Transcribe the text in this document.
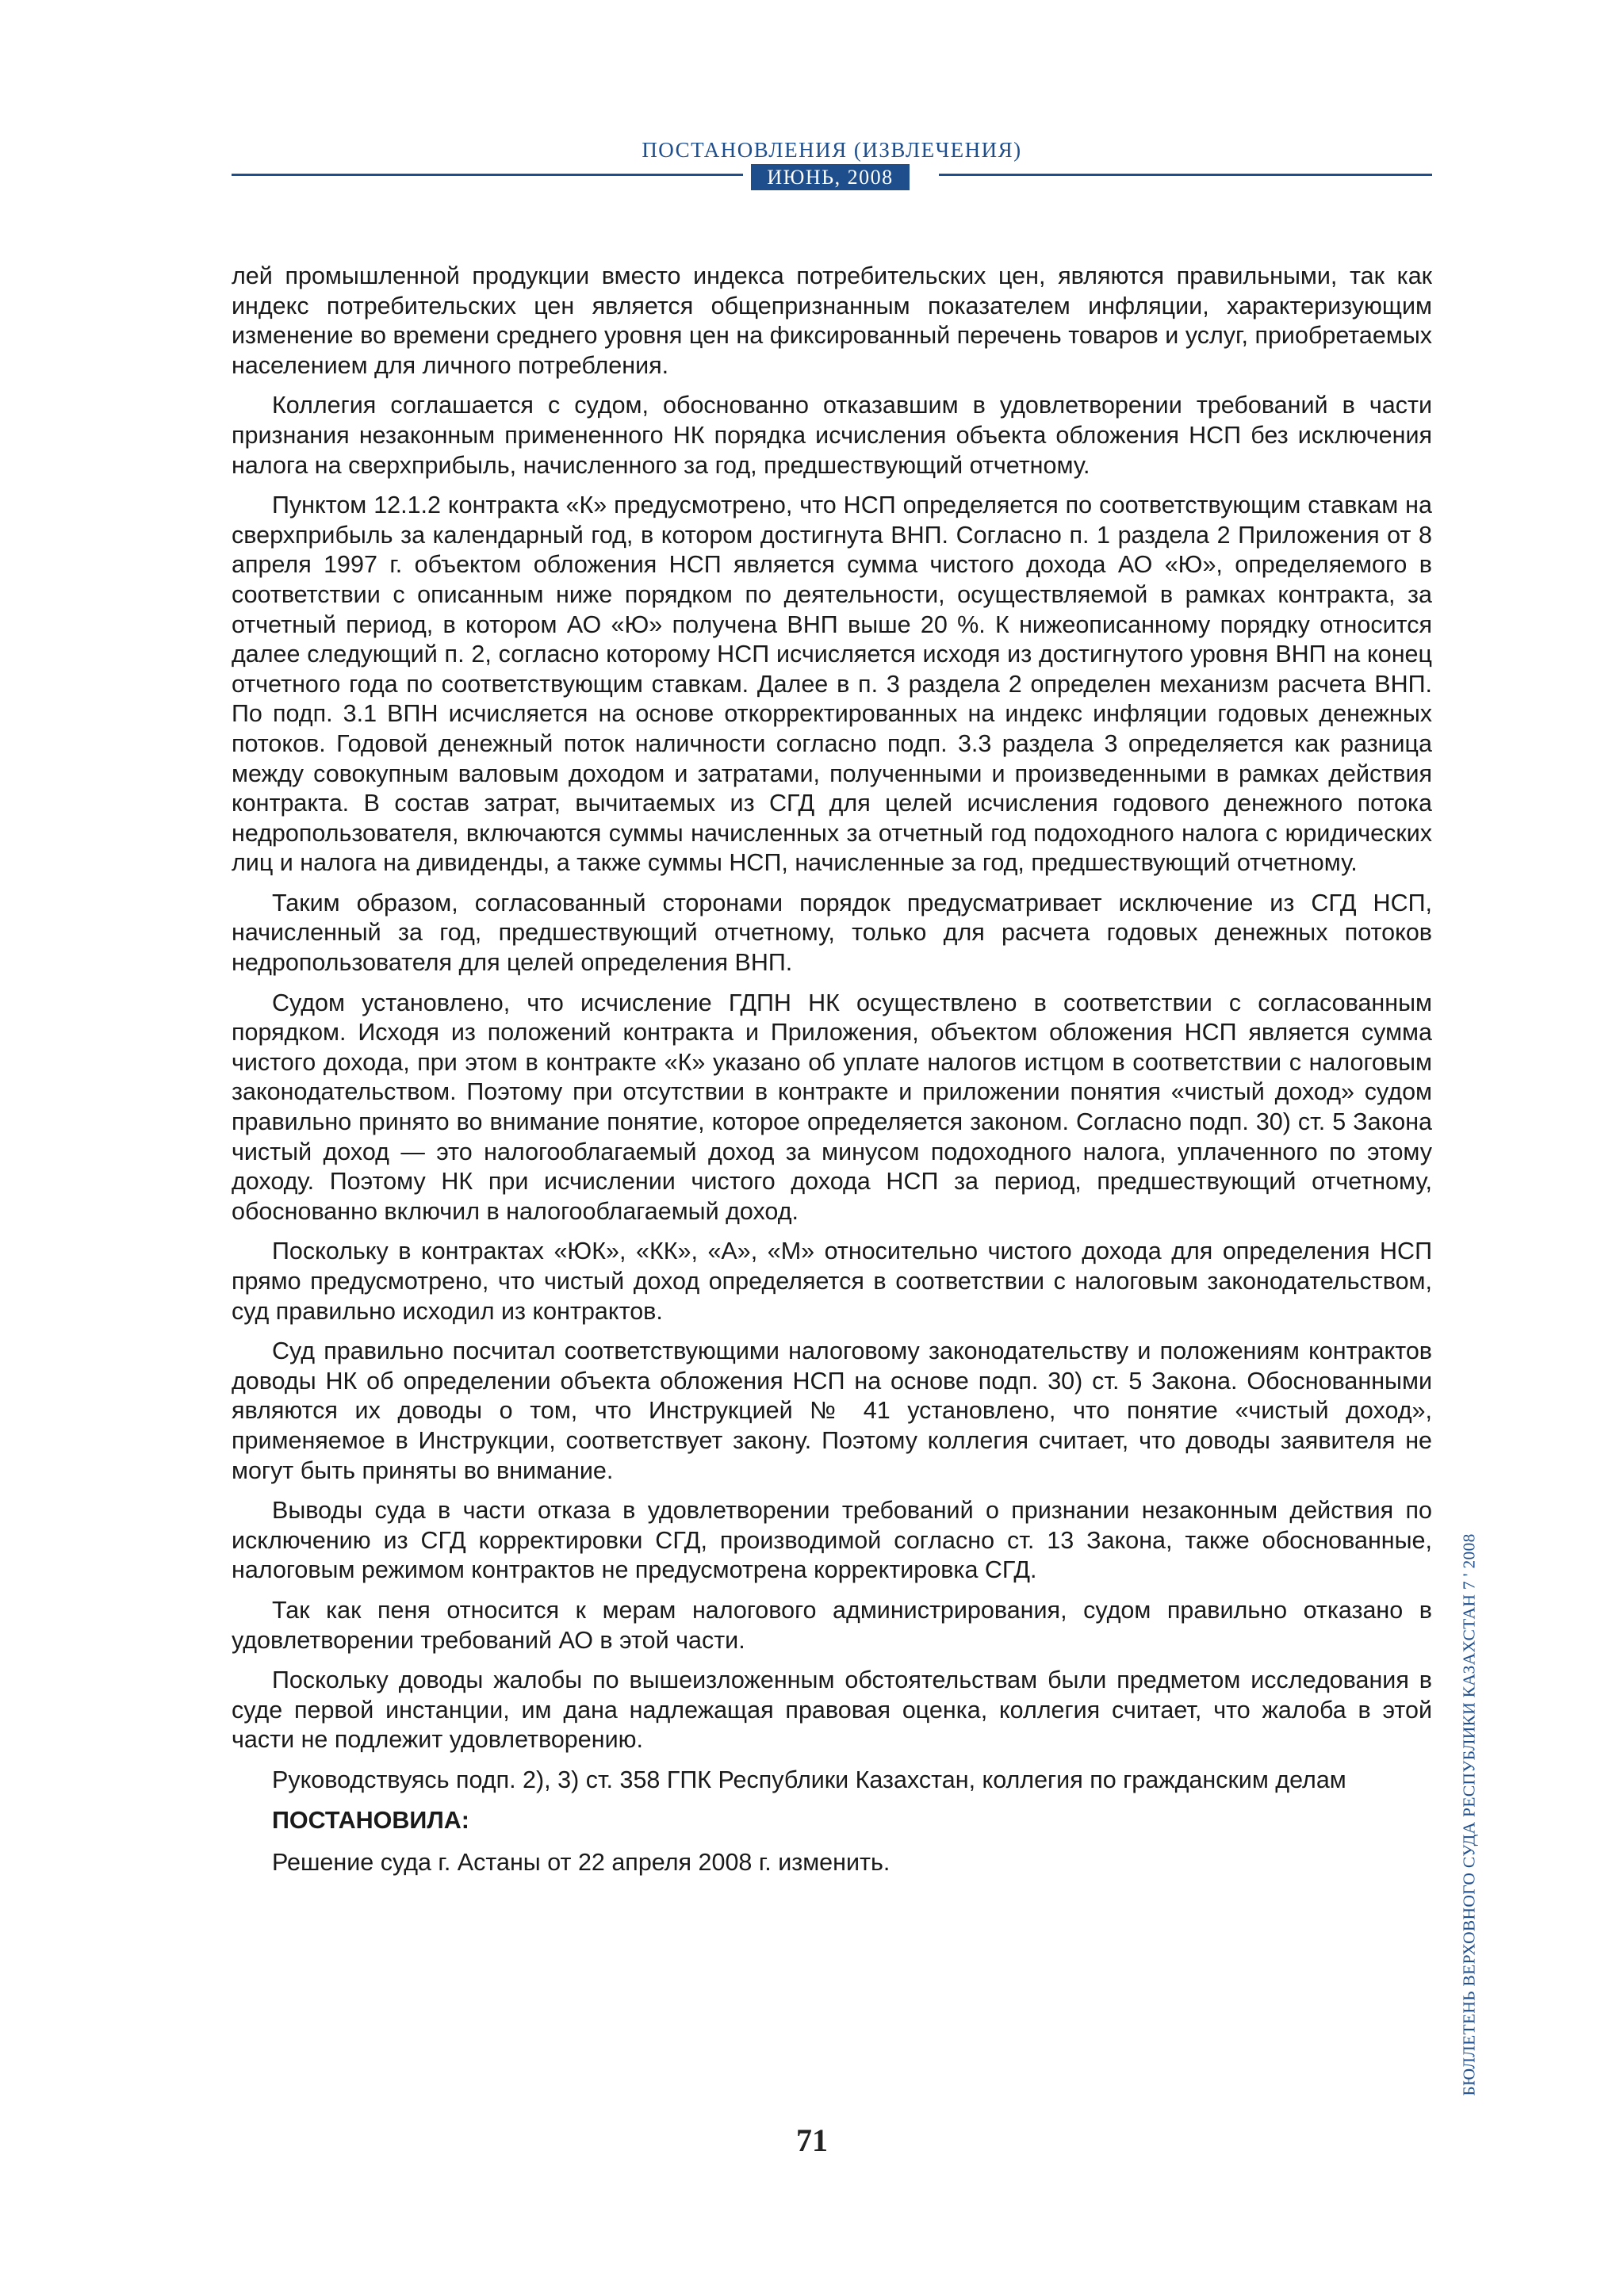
ПОСТАНОВЛЕНИЯ (ИЗВЛЕЧЕНИЯ)
ИЮНЬ, 2008

лей промышленной продукции вместо индекса потребительских цен, являются правильными, так как индекс потребительских цен является общепризнанным показателем инфляции, характеризующим изменение во времени среднего уровня цен на фиксированный перечень товаров и услуг, приобретаемых населением для личного потребления.

Коллегия соглашается с судом, обоснованно отказавшим в удовлетворении требований в части признания незаконным примененного НК порядка исчисления объекта обложения НСП без исключения налога на сверхприбыль, начисленного за год, предшествующий отчетному.

Пунктом 12.1.2 контракта «К» предусмотрено, что НСП определяется по соответствующим ставкам на сверхприбыль за календарный год, в котором достигнута ВНП. Согласно п. 1 раздела 2 Приложения от 8 апреля 1997 г. объектом обложения НСП является сумма чистого дохода АО «Ю», определяемого в соответствии с описанным ниже порядком по деятельности, осуществляемой в рамках контракта, за отчетный период, в котором АО «Ю» получена ВНП выше 20 %. К нижеописанному порядку относится далее следующий п. 2, согласно которому НСП исчисляется исходя из достигнутого уровня ВНП на конец отчетного года по соответствующим ставкам. Далее в п. 3 раздела 2 определен механизм расчета ВНП. По подп. 3.1 ВПН исчисляется на основе откорректированных на индекс инфляции годовых денежных потоков. Годовой денежный поток наличности согласно подп. 3.3 раздела 3 определяется как разница между совокупным валовым доходом и затратами, полученными и произведенными в рамках действия контракта. В состав затрат, вычитаемых из СГД для целей исчисления годового денежного потока недропользователя, включаются суммы начисленных за отчетный год подоходного налога с юридических лиц и налога на дивиденды, а также суммы НСП, начисленные за год, предшествующий отчетному.

Таким образом, согласованный сторонами порядок предусматривает исключение из СГД НСП, начисленный за год, предшествующий отчетному, только для расчета годовых денежных потоков недропользователя для целей определения ВНП.

Судом установлено, что исчисление ГДПН НК осуществлено в соответствии с согласованным порядком. Исходя из положений контракта и Приложения, объектом обложения НСП является сумма чистого дохода, при этом в контракте «К» указано об уплате налогов истцом в соответствии с налоговым законодательством. Поэтому при отсутствии в контракте и приложении понятия «чистый доход» судом правильно принято во внимание понятие, которое определяется законом. Согласно подп. 30) ст. 5 Закона чистый доход — это налогооблагаемый доход за минусом подоходного налога, уплаченного по этому доходу. Поэтому НК при исчислении чистого дохода НСП за период, предшествующий отчетному, обоснованно включил в налогооблагаемый доход.

Поскольку в контрактах «ЮК», «КК», «А», «М» относительно чистого дохода для определения НСП прямо предусмотрено, что чистый доход определяется в соответствии с налоговым законодательством, суд правильно исходил из контрактов.

Суд правильно посчитал соответствующими налоговому законодательству и положениям контрактов доводы НК об определении объекта обложения НСП на основе подп. 30) ст. 5 Закона. Обоснованными являются их доводы о том, что Инструкцией № 41 установлено, что понятие «чистый доход», применяемое в Инструкции, соответствует закону. Поэтому коллегия считает, что доводы заявителя не могут быть приняты во внимание.

Выводы суда в части отказа в удовлетворении требований о признании незаконным действия по исключению из СГД корректировки СГД, производимой согласно ст. 13 Закона, также обоснованные, налоговым режимом контрактов не предусмотрена корректировка СГД.

Так как пеня относится к мерам налогового администрирования, судом правильно отказано в удовлетворении требований АО в этой части.

Поскольку доводы жалобы по вышеизложенным обстоятельствам были предметом исследования в суде первой инстанции, им дана надлежащая правовая оценка, коллегия считает, что жалоба в этой части не подлежит удовлетворению.

Руководствуясь подп. 2), 3) ст. 358 ГПК Республики Казахстан, коллегия по гражданским делам

ПОСТАНОВИЛА:

Решение суда г. Астаны от 22 апреля 2008 г. изменить.

71
БЮЛЛЕТЕНЬ ВЕРХОВНОГО СУДА РЕСПУБЛИКИ КАЗАХСТАН 7 ' 2008
